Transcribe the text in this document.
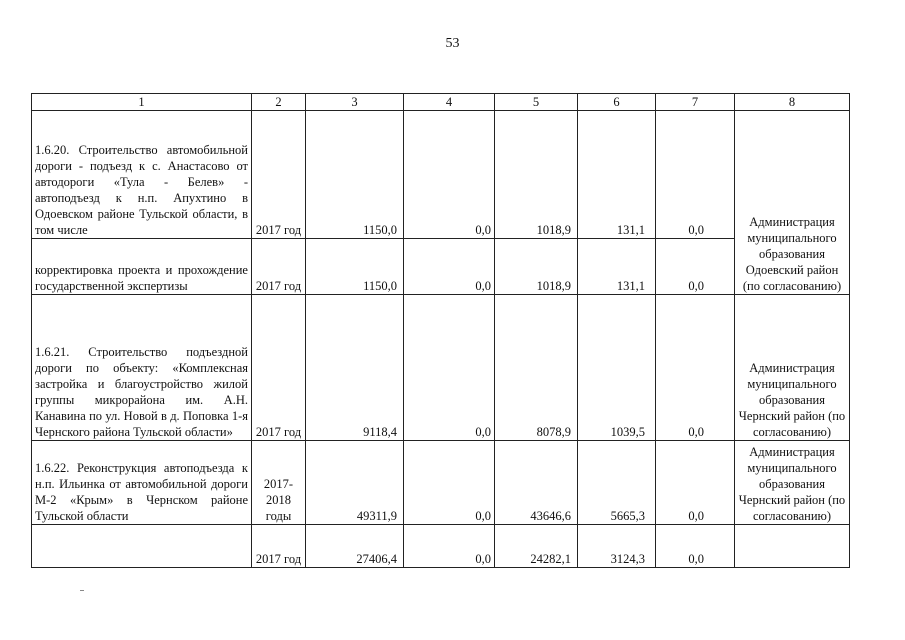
53
1	2	3	4	5	6	7	8
1.6.20. Строительство автомобильной дороги - подъезд к с. Анастасово от автодороги «Тула - Белев» - автоподъезд к н.п. Апухтино в Одоевском районе Тульской области, в том числе	2017 год	1150,0	0,0	1018,9	131,1	0,0	Администрация муниципального образования Одоевский район (по согласованию)
корректировка проекта и прохождение государственной экспертизы	2017 год	1150,0	0,0	1018,9	131,1	0,0	
1.6.21. Строительство подъездной дороги по объекту: «Комплексная застройка и благоустройство жилой группы микрорайона им. А.Н. Канавина по ул. Новой в д. Поповка 1-я Чернского района Тульской области»	2017 год	9118,4	0,0	8078,9	1039,5	0,0	Администрация муниципального образования Чернский район (по согласованию)
1.6.22. Реконструкция автоподъезда к н.п. Ильинка от автомобильной дороги М-2 «Крым» в Чернском районе Тульской области	2017-2018 годы	49311,9	0,0	43646,6	5665,3	0,0	Администрация муниципального образования Чернский район (по согласованию)
	2017 год	27406,4	0,0	24282,1	3124,3	0,0	
